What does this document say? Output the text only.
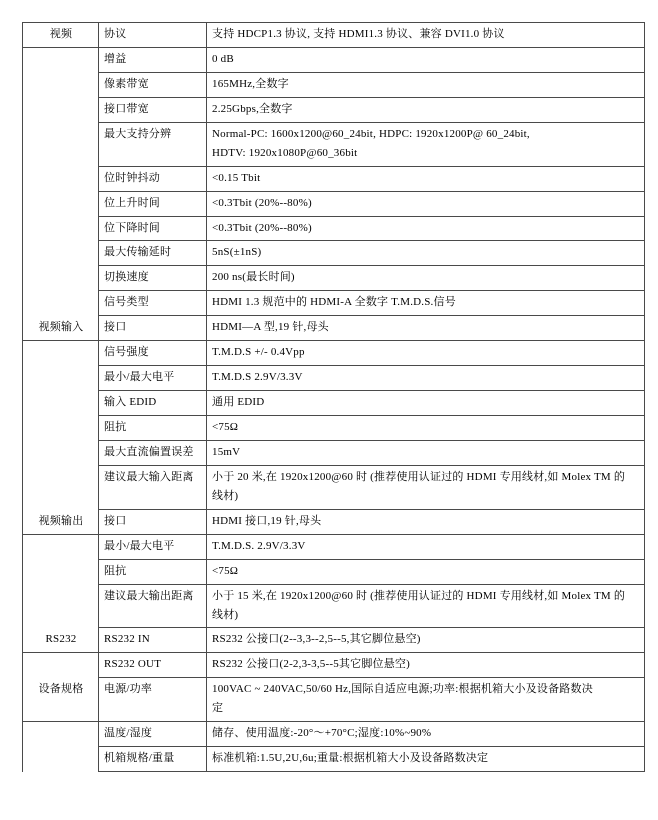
视频	协议	支持 HDCP1.3 协议, 支持 HDMI1.3 协议、兼容 DVI1.0 协议

	增益	0 dB

	像素带宽	165MHz,全数字

	接口带宽	2.25Gbps,全数字

	最大支持分辨	Normal-PC: 1600x1200@60_24bit, HDPC: 1920x1200P@ 60_24bit,
HDTV: 1920x1080P@60_36bit

	位时钟抖动	<0.15 Tbit

	位上升时间	<0.3Tbit (20%--80%)

	位下降时间	<0.3Tbit (20%--80%)

	最大传输延时	5nS(±1nS)

	切换速度	200 ns(最长时间)

	信号类型	HDMI 1.3 规范中的 HDMI-A 全数字 T.M.D.S.信号

视频输入	接口	HDMI—A 型,19 针,母头

	信号强度	T.M.D.S +/- 0.4Vpp

	最小/最大电平	T.M.D.S 2.9V/3.3V

	输入 EDID	通用 EDID

	阻抗	<75Ω

	最大直流偏置误差	15mV

	建议最大输入距离	小于 20 米,在 1920x1200@60 时 (推荐使用认证过的 HDMI 专用线材,如 Molex TM 的
线材)

视频输出	接口	HDMI 接口,19 针,母头

	最小/最大电平	T.M.D.S. 2.9V/3.3V

	阻抗	<75Ω

	建议最大输出距离	小于 15 米,在 1920x1200@60 时 (推荐使用认证过的 HDMI 专用线材,如 Molex TM 的
线材)

RS232	RS232 IN	RS232 公接口(2--3,3--2,5--5,其它脚位悬空)

	RS232 OUT	RS232 公接口(2-2,3-3,5--5其它脚位悬空)

设备规格	电源/功率	100VAC ~ 240VAC,50/60 Hz,国际自适应电源;功率:根据机箱大小及设备路数决
定

	温度/湿度	储存、使用温度:-20°～+70°C;湿度:10%~90%

	机箱规格/重量	标准机箱:1.5U,2U,6u;重量:根据机箱大小及设备路数决定
